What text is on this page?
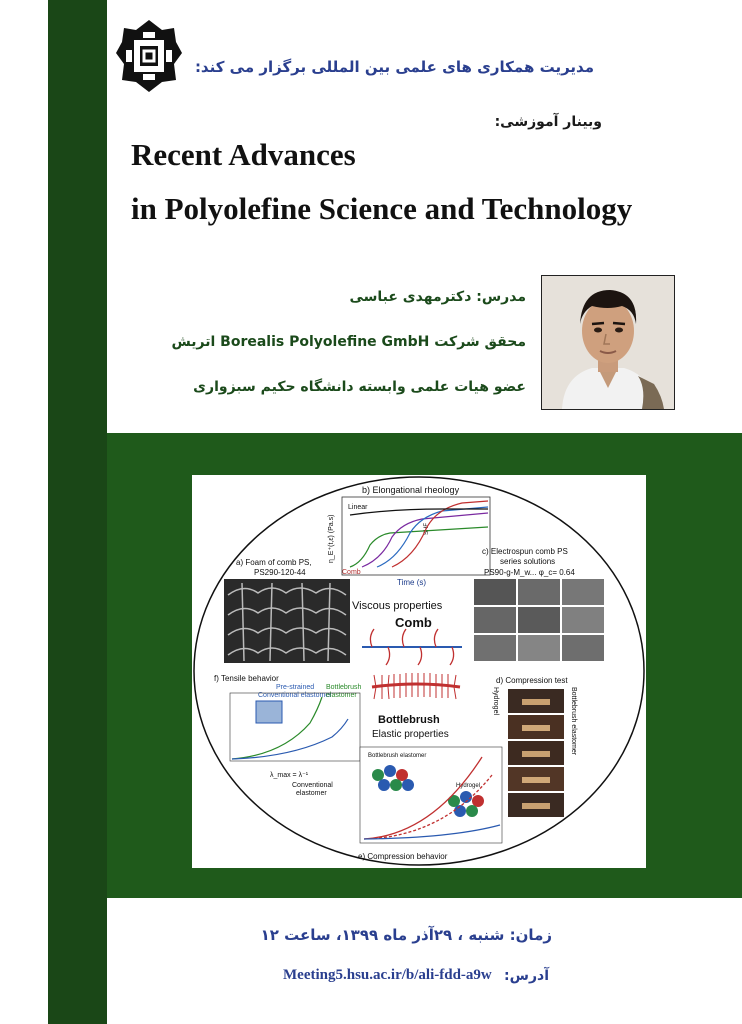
مدیریت همکاری های علمی بین المللی برگزار می کند:
وبینار آموزشی:
Recent Advances
in Polyolefine Science and Technology
مدرس: دکترمهدی عباسی
محقق شرکت Borealis Polyolefine GmbH اتریش
عضو هیات علمی وابسته دانشگاه حکیم سبزواری
b) Elongational rheology
Linear
η_E⁺(t,ε̇) (Pa.s)	SHF
Comb
Time (s)
a) Foam of comb PS,
PS290-120-44
c) Electrospun comb PS
series solutions
PS90-g-M_w... φ_c= 0.64
Viscous properties
Comb
Bottlebrush
Elastic properties
f) Tensile behavior
Pre-strained
Conventional elastomer
Bottlebrush
elastomer
λ_max = λ⁻¹
Conventional
elastomer
d) Compression test
Hydrogel	Bottlebrush elastomer
Bottlebrush elastomer
Hydrogel
e) Compression behavior
زمان: شنبه ، ۲۹آذر ماه ۱۳۹۹، ساعت ۱۲
آدرس:
Meeting5.hsu.ac.ir/b/ali-fdd-a9w
